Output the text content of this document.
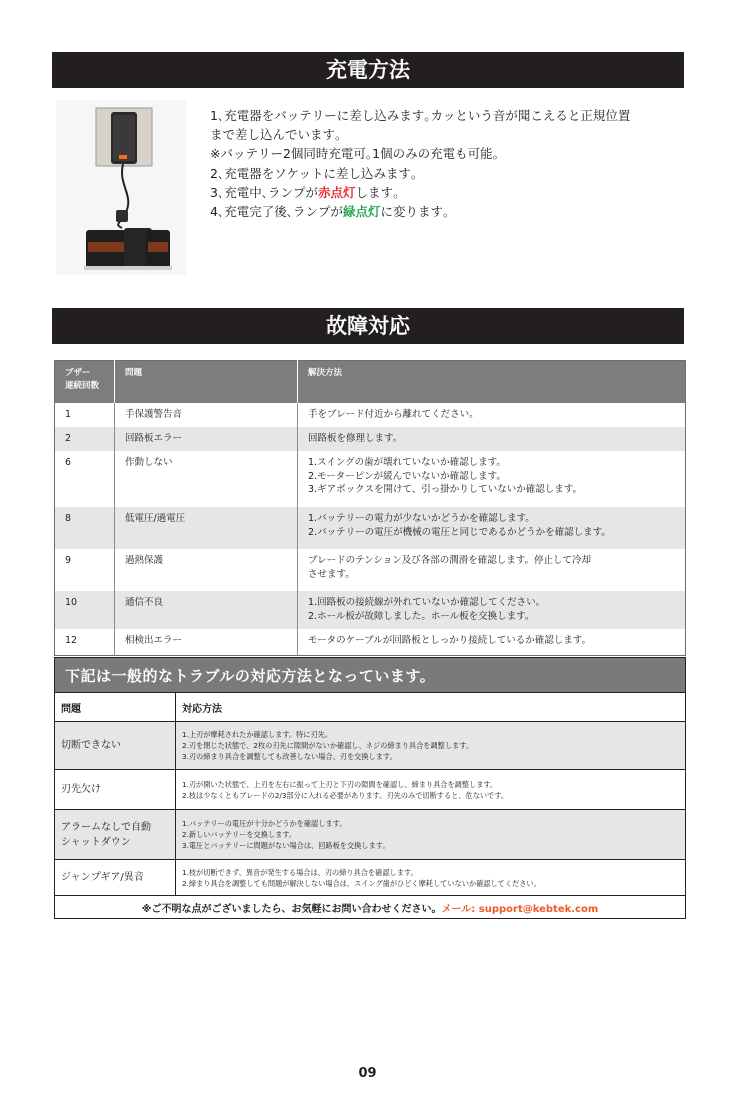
充電方法

1､充電器をバッテリーに差し込みます｡カッという音が聞こえると正規位置

まで差し込んでいます｡

※バッテリー2個同時充電可｡1個のみの充電も可能｡

2､充電器をソケットに差し込みます｡

3､充電中､ランプが赤点灯します｡

4､充電完了後､ランプが緑点灯に変ります｡

故障対応
ブザー
連続回数	問題	解決方法
1	手保護警告音	手をブレード付近から離れてください。
2	回路板エラー	回路板を修理します。
6	作動しない	1.スイングの歯が壊れていないか確認します。
2.モーターピンが緩んでいないか確認します。
3.ギアボックスを開けて、引っ掛かりしていないか確認します。
8	低電圧/過電圧	1.バッテリーの電力が少ないかどうかを確認します。
2.バッテリーの電圧が機械の電圧と同じであるかどうかを確認します。
9	過熱保護	ブレードのテンション及び各部の潤滑を確認します。停止して冷却
させます。
10	通信不良	1.回路板の接続線が外れていないか確認してください。
2.ホール板が故障しました。ホール板を交換します。
12	相検出エラー	モータのケーブルが回路板としっかり接続しているか確認します。
下記は一般的なトラブルの対応方法となっています。	
問題	対応方法
切断できない	1.上刃が摩耗されたか確認します。特に刃先。
2.刃を閉じた状態で、2枚の刃先に隙間がないか確認し、ネジの締まり具合を調整します。
3.刃の締まり具合を調整しても改善しない場合、刃を交換します。
刃先欠け	1.刃が開いた状態で、上刃を左右に振って上刃と下刃の隙間を確認し、締まり具合を調整します。
2.枝は少なくともブレードの2/3部分に入れる必要があります。刃先のみで切断すると、危ないです。
アラームなしで自動
シャットダウン	1.バッテリーの電圧が十分かどうかを確認します。
2.新しいバッテリーを交換します。
3.電圧とバッテリーに問題がない場合は、回路板を交換します。
ジャンプギア/異音	1.枝が切断できず、異音が発生する場合は、刃の締り具合を確認します。
2.締まり具合を調整しても問題が解決しない場合は、スイング歯がひどく摩耗していないか確認してください。
※ご不明な点がございましたら、お気軽にお問い合わせください。メール: support@kebtek.com	
09
